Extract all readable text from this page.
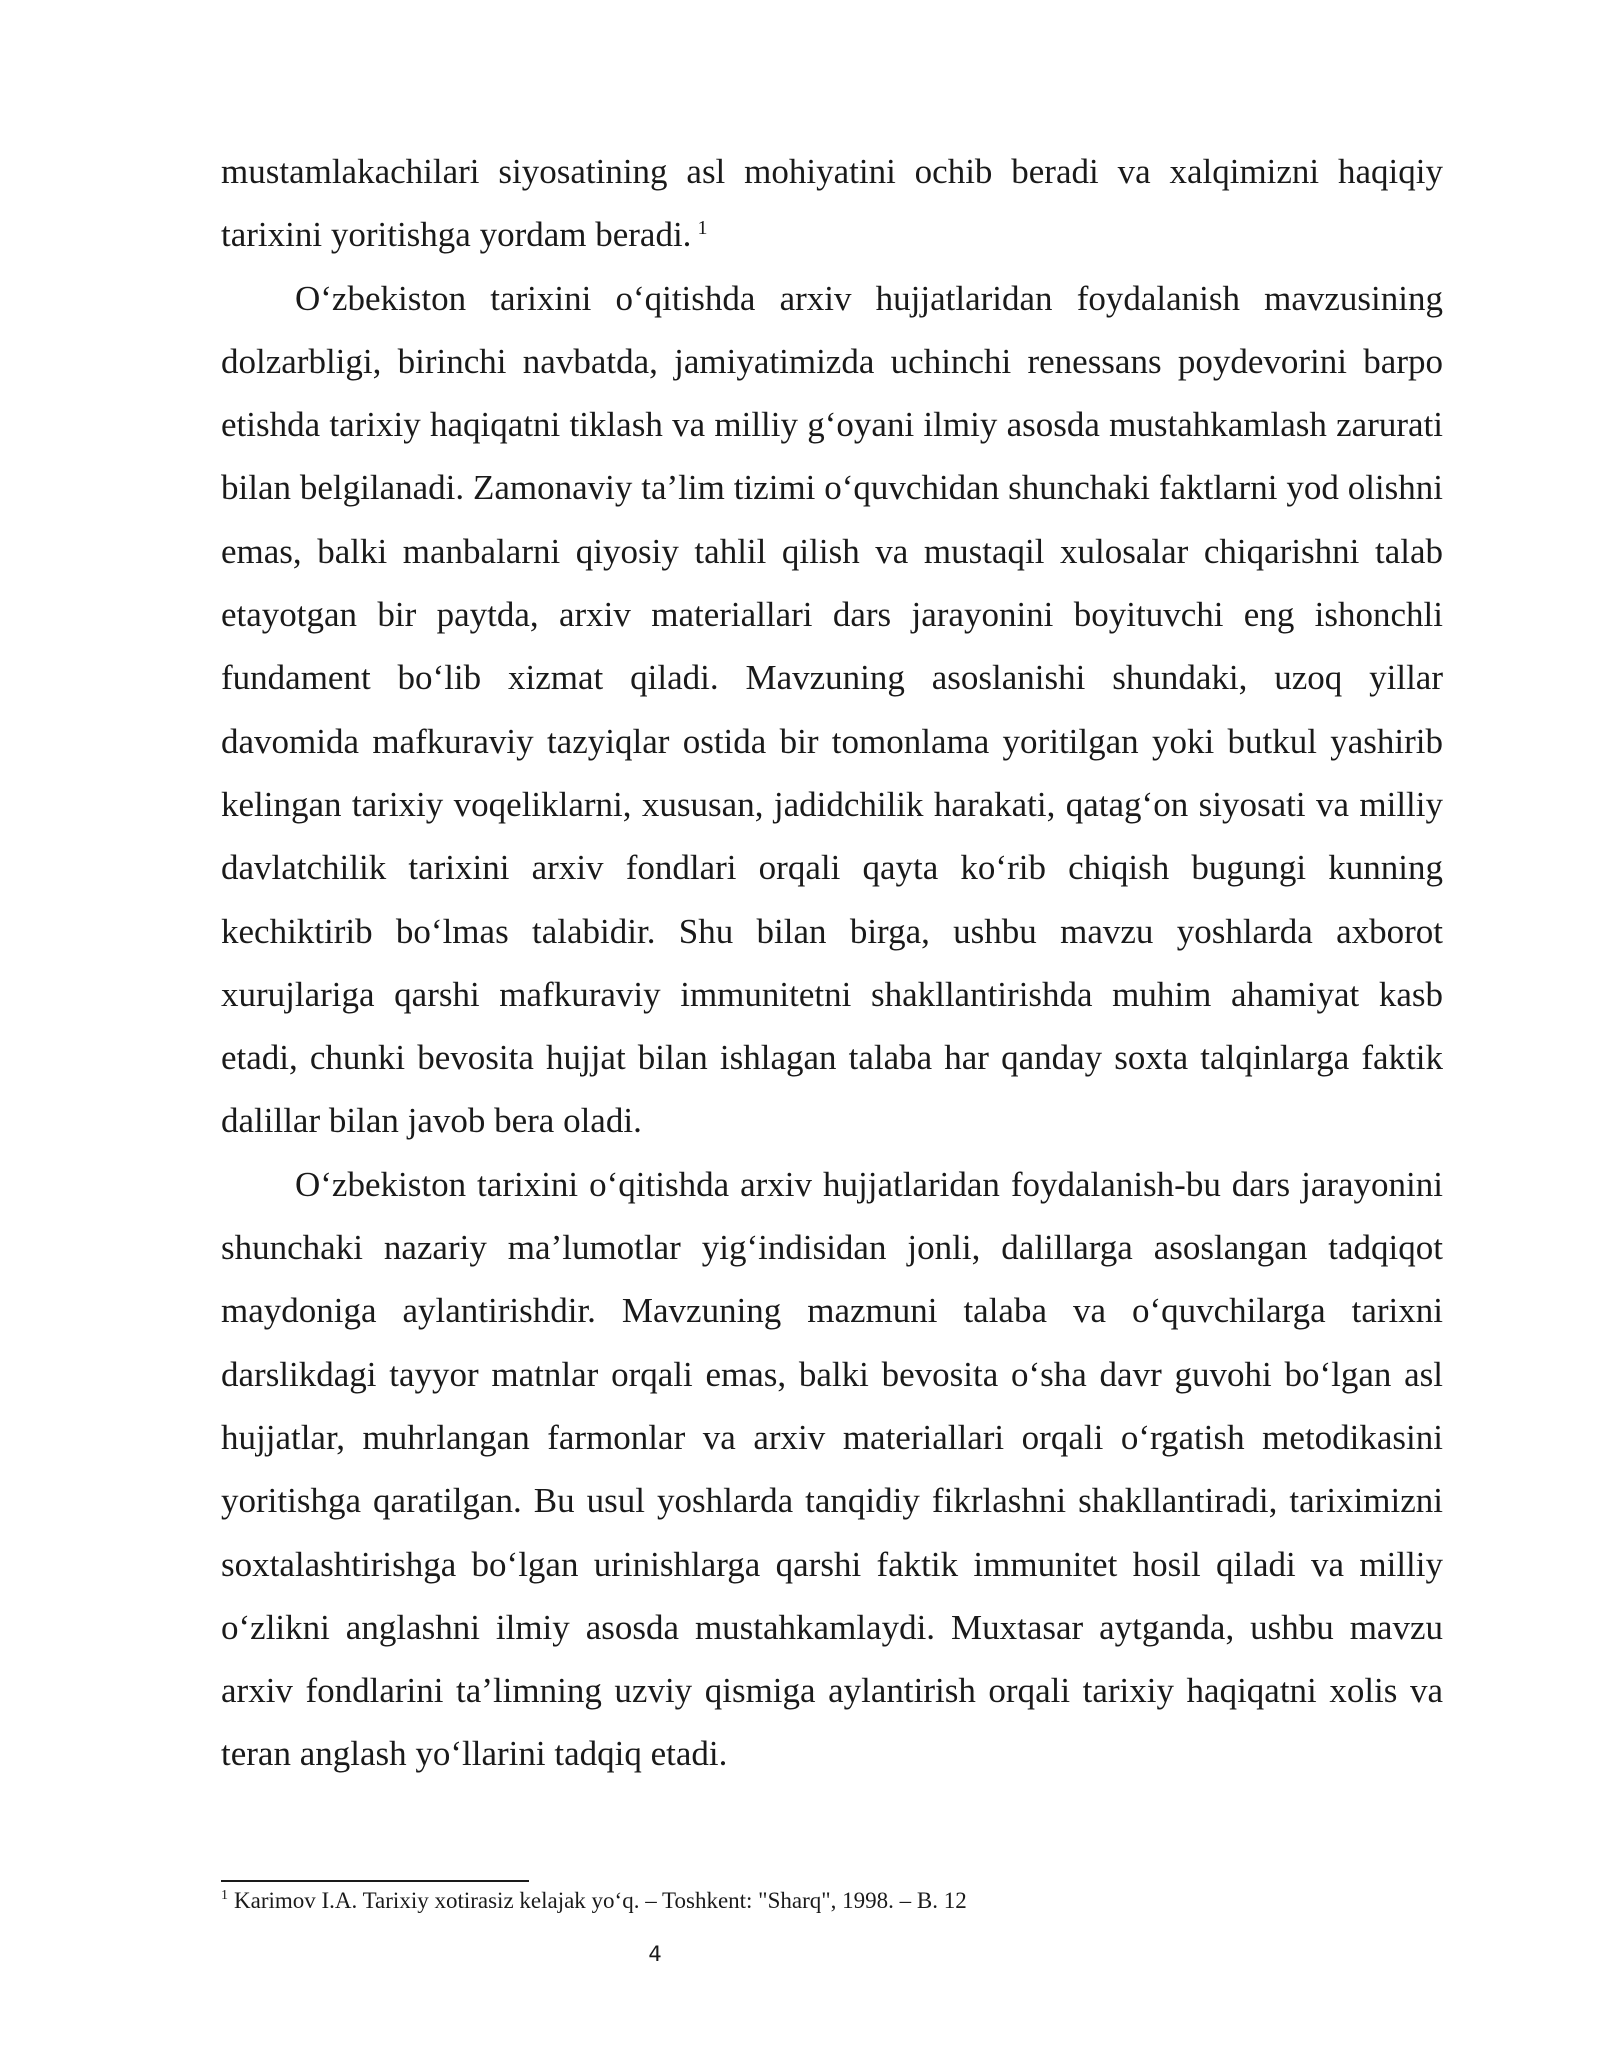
mustamlakachilari siyosatining asl mohiyatini ochib beradi va xalqimizni haqiqiy tarixini yoritishga yordam beradi. $^1$

O‘zbekiston tarixini o‘qitishda arxiv hujjatlaridan foydalanish mavzusining dolzarbligi, birinchi navbatda, jamiyatimizda uchinchi renessans poydevorini barpo etishda tarixiy haqiqatni tiklash va milliy g‘oyani ilmiy asosda mustahkamlash zarurati bilan belgilanadi. Zamonaviy ta’lim tizimi o‘quvchidan shunchaki faktlarni yod olishni emas, balki manbalarni qiyosiy tahlil qilish va mustaqil xulosalar chiqarishni talab etayotgan bir paytda, arxiv materiallari dars jarayonini boyituvchi eng ishonchli fundament bo‘lib xizmat qiladi. Mavzuning asoslanishi shundaki, uzoq yillar davomida mafkuraviy tazyiqlar ostida bir tomonlama yoritilgan yoki butkul yashirib kelingan tarixiy voqeliklarni, xususan, jadidchilik harakati, qatag‘on siyosati va milliy davlatchilik tarixini arxiv fondlari orqali qayta ko‘rib chiqish bugungi kunning kechiktirib bo‘lmas talabidir. Shu bilan birga, ushbu mavzu yoshlarda axborot xurujlariga qarshi mafkuraviy immunitetni shakllantirishda muhim ahamiyat kasb etadi, chunki bevosita hujjat bilan ishlagan talaba har qanday soxta talqinlarga faktik dalillar bilan javob bera oladi.

O‘zbekiston tarixini o‘qitishda arxiv hujjatlaridan foydalanish-bu dars jarayonini shunchaki nazariy ma’lumotlar yig‘indisidan jonli, dalillarga asoslangan tadqiqot maydoniga aylantirishdir. Mavzuning mazmuni talaba va o‘quvchilarga tarixni darslikdagi tayyor matnlar orqali emas, balki bevosita o‘sha davr guvohi bo‘lgan asl hujjatlar, muhrlangan farmonlar va arxiv materiallari orqali o‘rgatish metodikasini yoritishga qaratilgan. Bu usul yoshlarda tanqidiy fikrlashni shakllantiradi, tariximizni soxtalashtirishga bo‘lgan urinishlarga qarshi faktik immunitet hosil qiladi va milliy o‘zlikni anglashni ilmiy asosda mustahkamlaydi. Muxtasar aytganda, ushbu mavzu arxiv fondlarini ta’limning uzviy qismiga aylantirish orqali tarixiy haqiqatni xolis va teran anglash yo‘llarini tadqiq etadi.

$^1$ Karimov I.A. Tarixiy xotirasiz kelajak yo‘q. – Toshkent: "Sharq", 1998. – B. 12
4
